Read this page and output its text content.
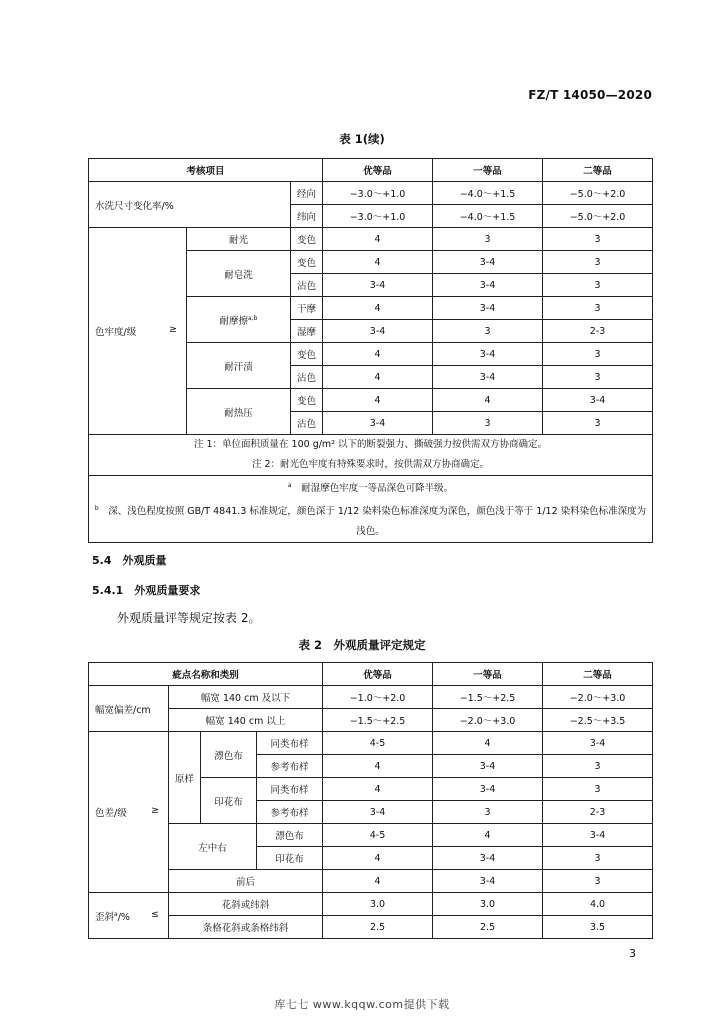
FZ/T 14050—2020
表 1(续)
考核项目			优等品	一等品	二等品
水洗尺寸变化率/%		经向	−3.0～+1.0	−4.0～+1.5	−5.0～+2.0
		纬向	−3.0～+1.0	−4.0～+1.5	−5.0～+2.0
色牢度/级 ≥	耐光	变色	4	3	3
	耐皂洗	变色	4	3-4	3
		沾色	3-4	3-4	3
	耐摩擦$^{a,b}$	干摩	4	3-4	3
		湿摩	3-4	3	2-3
	耐汗渍	变色	4	3-4	3
		沾色	4	3-4	3
	耐热压	变色	4	4	3-4
		沾色	3-4	3	3

注 1：单位面积质量在 100 g/m² 以下的断裂强力、撕破强力按供需双方协商确定。
注 2：耐光色牢度有特殊要求时，按供需双方协商确定。					

$^a$　 耐湿摩色牢度一等品深色可降半级。
$^b$　 深、浅色程度按照 GB/T 4841.3 标准规定，颜色深于 1/12 染料染色标准深度为深色，颜色浅于等于 1/12 染料染色标准深度为浅色。					
5.4　外观质量
5.4.1　外观质量要求
外观质量评等规定按表 2。
表 2　外观质量评定规定
疵点名称和类别				优等品	一等品	二等品
幅宽偏差/cm	幅宽 140 cm 及以下			−1.0～+2.0	−1.5～+2.5	−2.0～+3.0
	幅宽 140 cm 以上			−1.5～+2.5	−2.0～+3.0	−2.5～+3.5
色差/级 ≥	原样	漂色布	同类布样	4-5	4	3-4
			参考布样	4	3-4	3
		印花布	同类布样	4	3-4	3
			参考布样	3-4	3	2-3
	左中右		漂色布	4-5	4	3-4
			印花布	4	3-4	3
	前后			4	3-4	3
歪斜$^a$/% ≤	花斜或纬斜			3.0	3.0	4.0
	条格花斜或条格纬斜			2.5	2.5	3.5
3
库七七 www.kqqw.com提供下载
